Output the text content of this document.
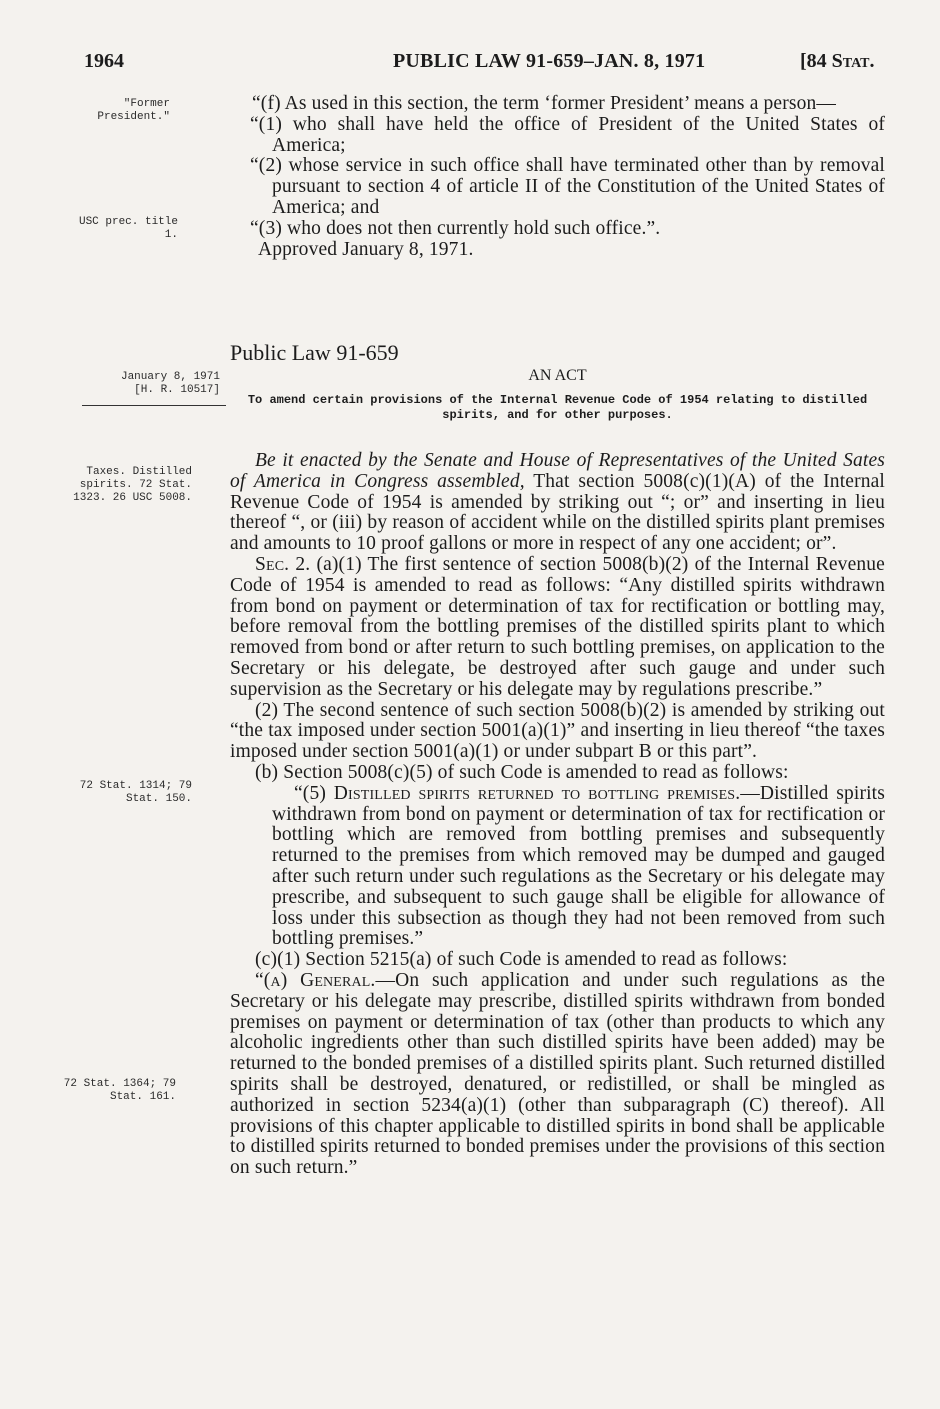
1964	PUBLIC LAW 91-659–JAN. 8, 1971	[84 Stat.
"Former President."
USC prec. title 1.
January 8, 1971
[H. R. 10517]
Taxes. Distilled spirits. 72 Stat. 1323. 26 USC 5008.
72 Stat. 1314; 79 Stat. 150.
72 Stat. 1364; 79 Stat. 161.
“(f) As used in this section, the term ‘former President’ means a person—
“(1) who shall have held the office of President of the United States of America;
“(2) whose service in such office shall have terminated other than by removal pursuant to section 4 of article II of the Constitution of the United States of America; and
“(3) who does not then currently hold such office.”.
Approved January 8, 1971.
Public Law 91-659
AN ACT
To amend certain provisions of the Internal Revenue Code of 1954 relating to distilled spirits, and for other purposes.
Be it enacted by the Senate and House of Representatives of the United Sates of America in Congress assembled, That section 5008(c)(1)(A) of the Internal Revenue Code of 1954 is amended by striking out “; or” and inserting in lieu thereof “, or (iii) by reason of accident while on the distilled spirits plant premises and amounts to 10 proof gallons or more in respect of any one accident; or”.
Sec. 2. (a)(1) The first sentence of section 5008(b)(2) of the Internal Revenue Code of 1954 is amended to read as follows: “Any distilled spirits withdrawn from bond on payment or determination of tax for rectification or bottling may, before removal from the bottling premises of the distilled spirits plant to which removed from bond or after return to such bottling premises, on application to the Secretary or his delegate, be destroyed after such gauge and under such supervision as the Secretary or his delegate may by regulations prescribe.”
(2) The second sentence of such section 5008(b)(2) is amended by striking out “the tax imposed under section 5001(a)(1)” and inserting in lieu thereof “the taxes imposed under section 5001(a)(1) or under subpart B or this part”.
(b) Section 5008(c)(5) of such Code is amended to read as follows:
“(5) Distilled spirits returned to bottling premises.—Distilled spirits withdrawn from bond on payment or determination of tax for rectification or bottling which are removed from bottling premises and subsequently returned to the premises from which removed may be dumped and gauged after such return under such regulations as the Secretary or his delegate may prescribe, and subsequent to such gauge shall be eligible for allowance of loss under this subsection as though they had not been removed from such bottling premises.”
(c)(1) Section 5215(a) of such Code is amended to read as follows:
“(a) General.—On such application and under such regulations as the Secretary or his delegate may prescribe, distilled spirits withdrawn from bonded premises on payment or determination of tax (other than products to which any alcoholic ingredients other than such distilled spirits have been added) may be returned to the bonded premises of a distilled spirits plant. Such returned distilled spirits shall be destroyed, denatured, or redistilled, or shall be mingled as authorized in section 5234(a)(1) (other than subparagraph (C) thereof). All provisions of this chapter applicable to distilled spirits in bond shall be applicable to distilled spirits returned to bonded premises under the provisions of this section on such return.”
